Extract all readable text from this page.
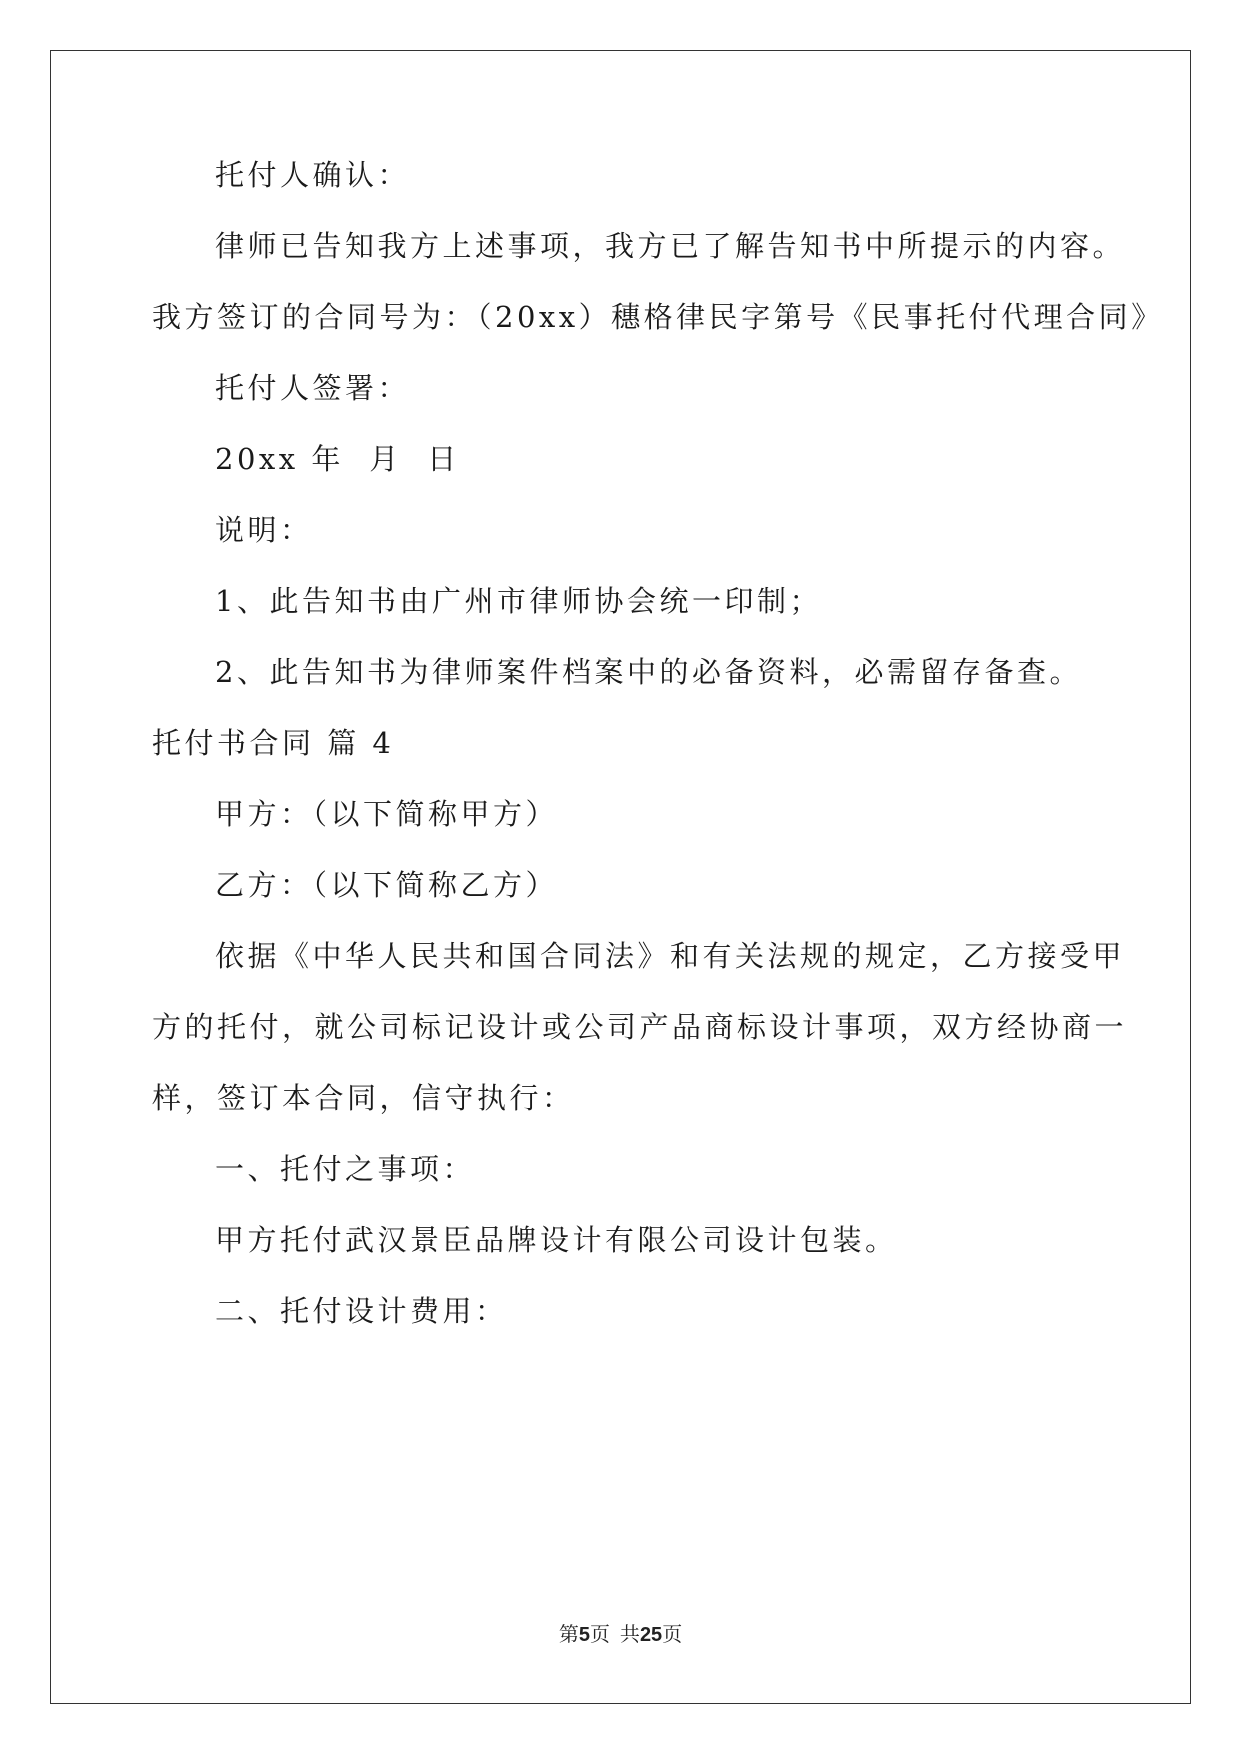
托付人确认：
律师已告知我方上述事项，我方已了解告知书中所提示的内容。
我方签订的合同号为：（20xx）穗格律民字第号《民事托付代理合同》
托付人签署：
20xx 年  月  日
说明：
1、此告知书由广州市律师协会统一印制；
2、此告知书为律师案件档案中的必备资料，必需留存备查。
托付书合同 篇 4
甲方：（以下简称甲方）
乙方：（以下简称乙方）
依据《中华人民共和国合同法》和有关法规的规定，乙方接受甲
方的托付，就公司标记设计或公司产品商标设计事项，双方经协商一
样，签订本合同，信守执行：
一、托付之事项：
甲方托付武汉景臣品牌设计有限公司设计包装。
二、托付设计费用：
第5页  共25页
